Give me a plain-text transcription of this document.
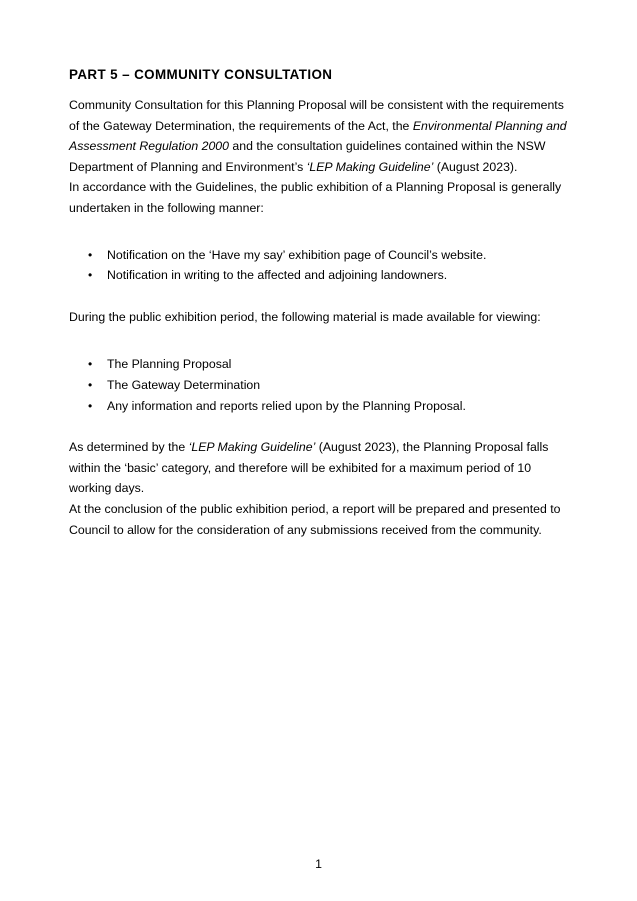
PART 5 – COMMUNITY CONSULTATION

Community Consultation for this Planning Proposal will be consistent with the requirements of the Gateway Determination, the requirements of the Act, the Environmental Planning and Assessment Regulation 2000 and the consultation guidelines contained within the NSW Department of Planning and Environment’s ‘LEP Making Guideline’ (August 2023).

In accordance with the Guidelines, the public exhibition of a Planning Proposal is generally undertaken in the following manner:

• Notification on the ‘Have my say’ exhibition page of Council’s website.
• Notification in writing to the affected and adjoining landowners.

During the public exhibition period, the following material is made available for viewing:

• The Planning Proposal
• The Gateway Determination
• Any information and reports relied upon by the Planning Proposal.

As determined by the ‘LEP Making Guideline’ (August 2023), the Planning Proposal falls within the ‘basic’ category, and therefore will be exhibited for a maximum period of 10 working days.

At the conclusion of the public exhibition period, a report will be prepared and presented to Council to allow for the consideration of any submissions received from the community.

1
